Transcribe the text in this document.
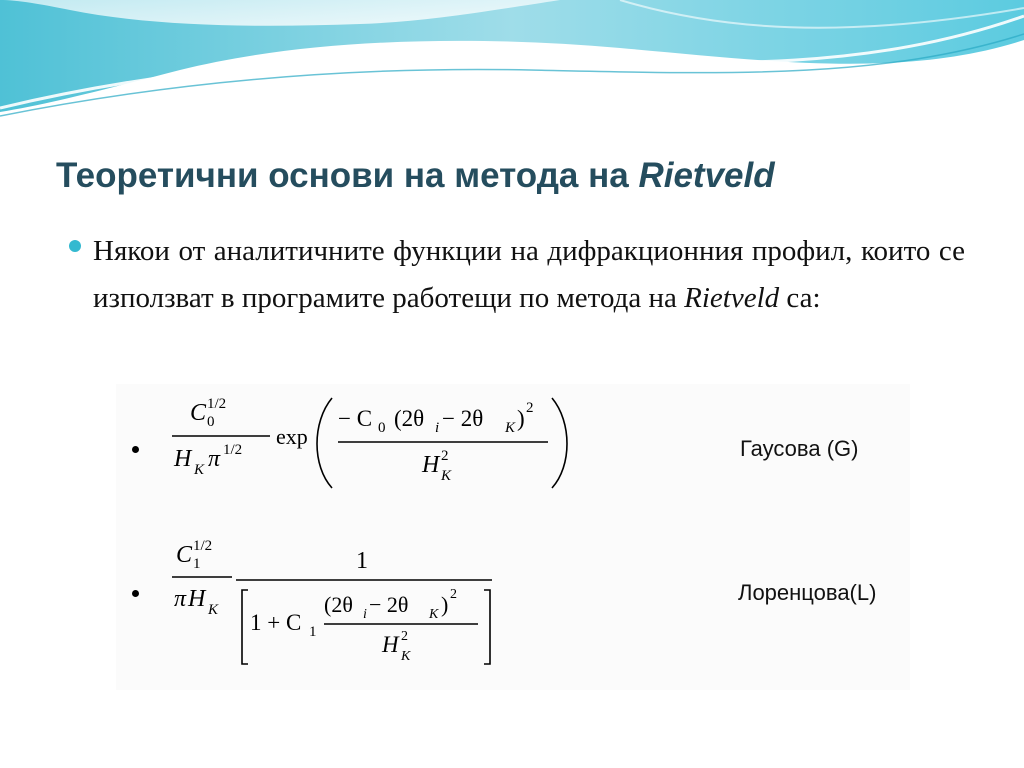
Теоретични основи на метода на Rietveld
Някои от аналитичните функции на дифракционния профил, които се използват в програмите работещи по метода на Rietveld са:
C 0
1/2
H K π 1/2
exp
− C 0 (2θ i − 2θ K ) 2
H 2
K
C 1
1/2
π H K
1
1 + C 1
(2θ i − 2θ K ) 2
H 2
K
Гаусова (G)
Лоренцова(L)
